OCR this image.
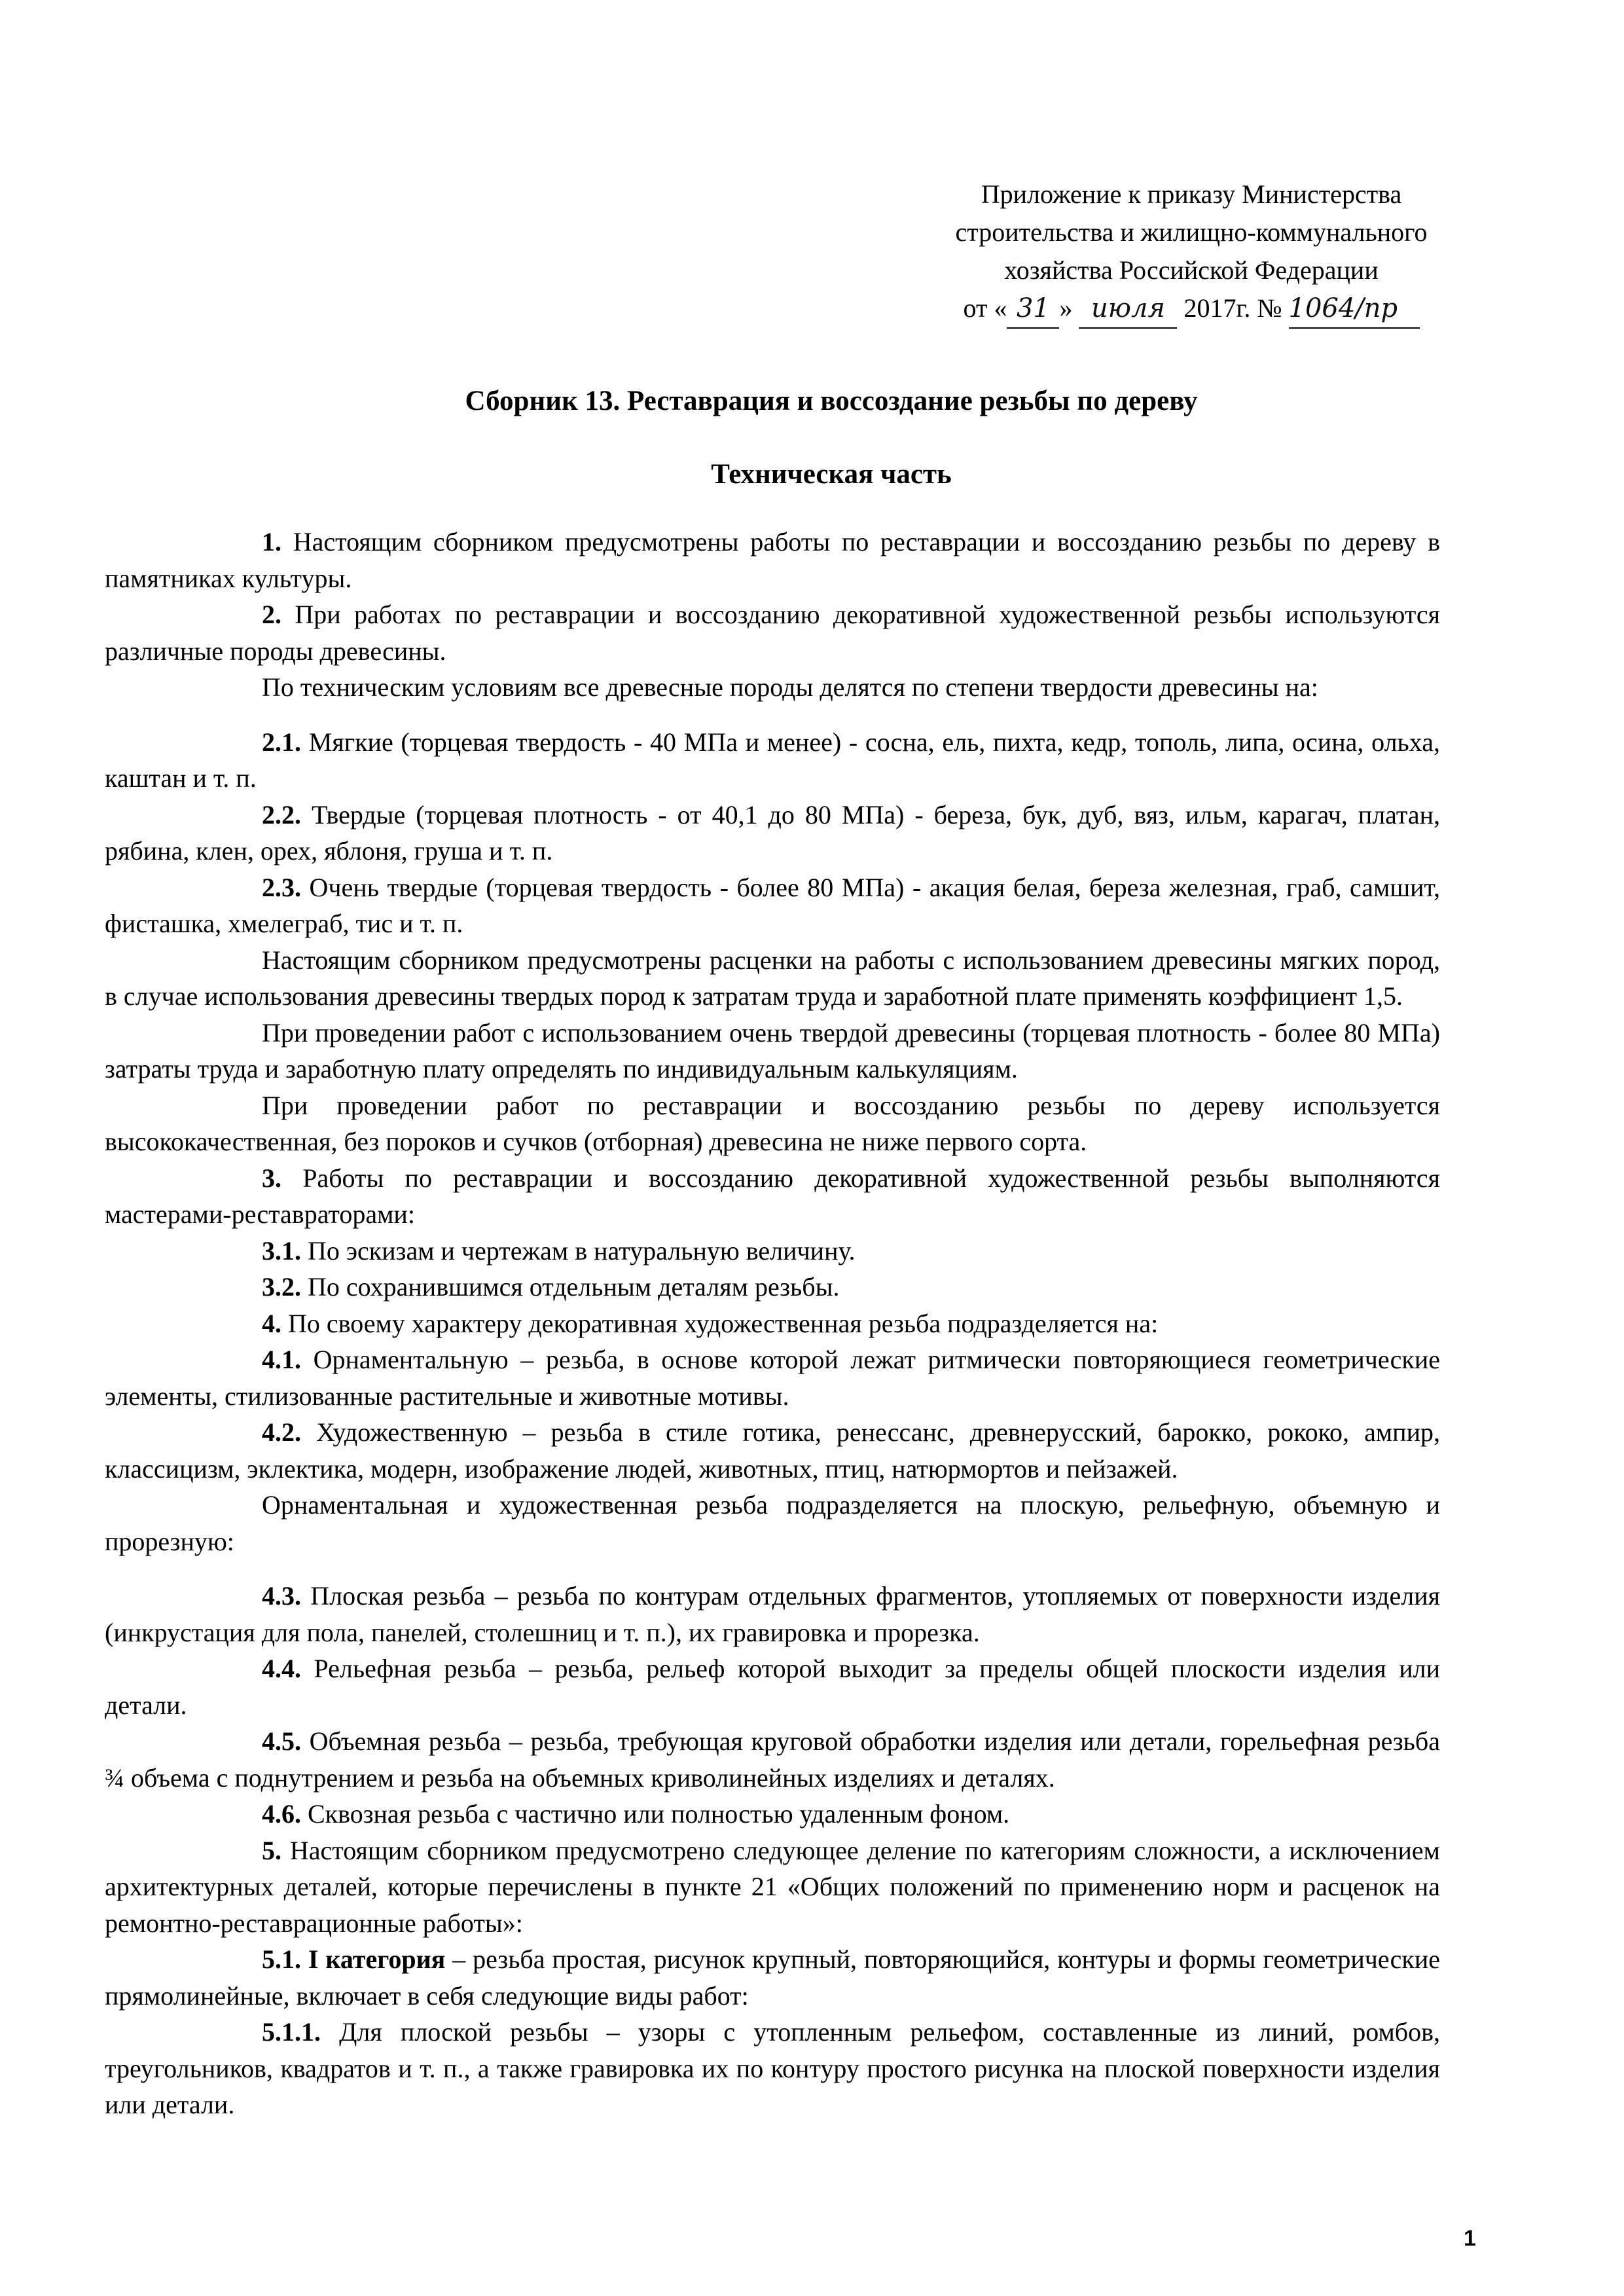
Приложение к приказу Министерства
строительства и жилищно-коммунального
хозяйства Российской Федерации
от « 31 » июля 2017г. № 1064/пр
Сборник 13. Реставрация и воссоздание резьбы по дереву
Техническая часть

1. Настоящим сборником предусмотрены работы по реставрации и воссозданию резьбы по дереву в памятниках культуры.

2. При работах по реставрации и воссозданию декоративной художественной резьбы используются различные породы древесины.

По техническим условиям все древесные породы делятся по степени твердости древесины на:

2.1. Мягкие (торцевая твердость - 40 МПа и менее) - сосна, ель, пихта, кедр, тополь, липа, осина, ольха, каштан и т. п.

2.2. Твердые (торцевая плотность - от 40,1 до 80 МПа) - береза, бук, дуб, вяз, ильм, карагач, платан, рябина, клен, орех, яблоня, груша и т. п.

2.3. Очень твердые (торцевая твердость - более 80 МПа) - акация белая, береза железная, граб, самшит, фисташка, хмелеграб, тис и т. п.

Настоящим сборником предусмотрены расценки на работы с использованием древесины мягких пород, в случае использования древесины твердых пород к затратам труда и заработной плате применять коэффициент 1,5.

При проведении работ с использованием очень твердой древесины (торцевая плотность - более 80 МПа) затраты труда и заработную плату определять по индивидуальным калькуляциям.

При проведении работ по реставрации и воссозданию резьбы по дереву используется высококачественная, без пороков и сучков (отборная) древесина не ниже первого сорта.

3. Работы по реставрации и воссозданию декоративной художественной резьбы выполняются мастерами-реставраторами:

3.1. По эскизам и чертежам в натуральную величину.

3.2. По сохранившимся отдельным деталям резьбы.

4. По своему характеру декоративная художественная резьба подразделяется на:

4.1. Орнаментальную – резьба, в основе которой лежат ритмически повторяющиеся геометрические элементы, стилизованные растительные и животные мотивы.

4.2. Художественную – резьба в стиле готика, ренессанс, древнерусский, барокко, рококо, ампир, классицизм, эклектика, модерн, изображение людей, животных, птиц, натюрмортов и пейзажей.

Орнаментальная и художественная резьба подразделяется на плоскую, рельефную, объемную и прорезную:

4.3. Плоская резьба – резьба по контурам отдельных фрагментов, утопляемых от поверхности изделия (инкрустация для пола, панелей, столешниц и т. п.), их гравировка и прорезка.

4.4. Рельефная резьба – резьба, рельеф которой выходит за пределы общей плоскости изделия или детали.

4.5. Объемная резьба – резьба, требующая круговой обработки изделия или детали, горельефная резьба ¾ объема с поднутрением и резьба на объемных криволинейных изделиях и деталях.

4.6. Сквозная резьба с частично или полностью удаленным фоном.

5. Настоящим сборником предусмотрено следующее деление по категориям сложности, а исключением архитектурных деталей, которые перечислены в пункте 21 «Общих положений по применению норм и расценок на ремонтно-реставрационные работы»:

5.1. I категория – резьба простая, рисунок крупный, повторяющийся, контуры и формы геометрические прямолинейные, включает в себя следующие виды работ:

5.1.1. Для плоской резьбы – узоры с утопленным рельефом, составленные из линий, ромбов, треугольников, квадратов и т. п., а также гравировка их по контуру простого рисунка на плоской поверхности изделия или детали.

1
